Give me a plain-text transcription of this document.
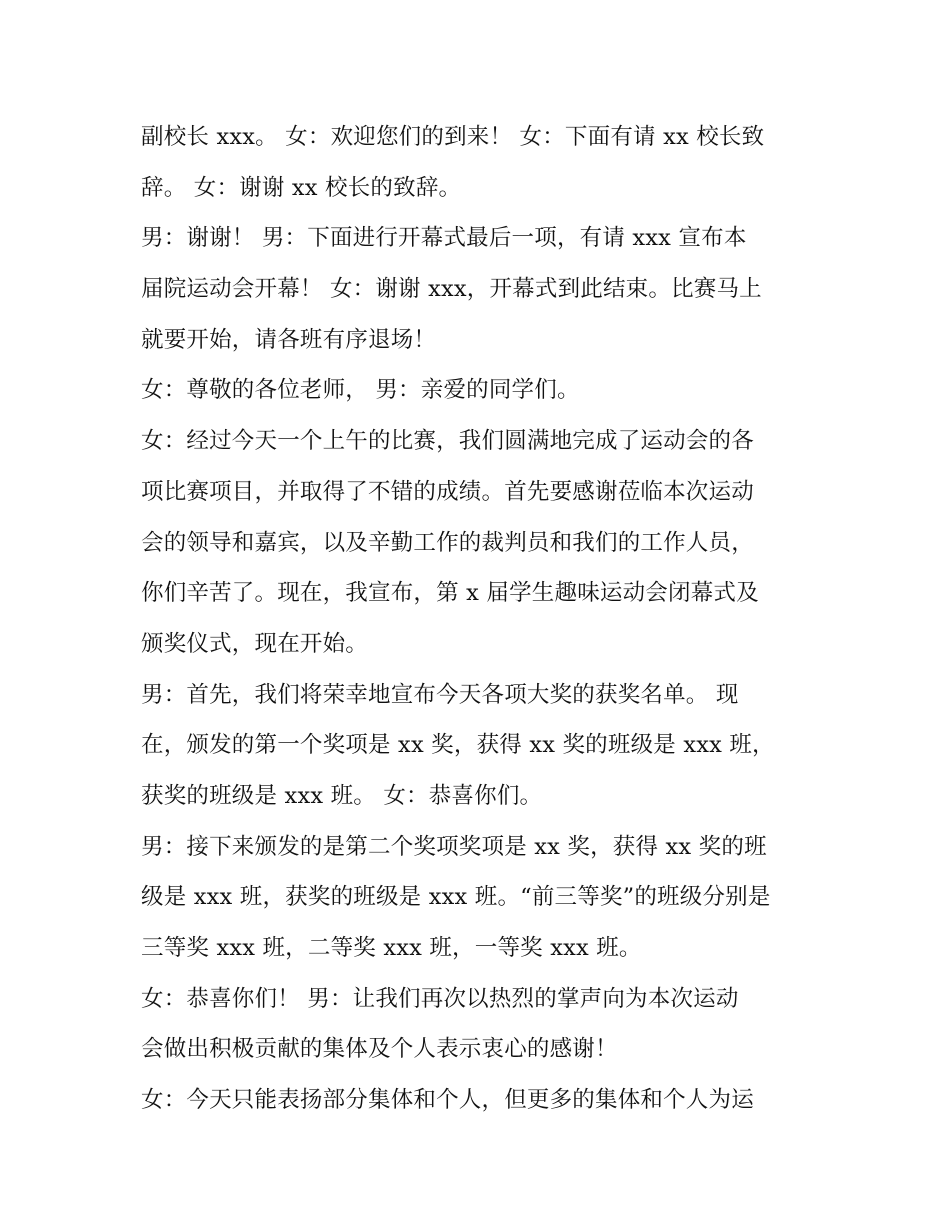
副校长 xxx。 女：欢迎您们的到来！ 女：下面有请 xx 校长致
辞。 女：谢谢 xx 校长的致辞。
男：谢谢！ 男：下面进行开幕式最后一项，有请 xxx 宣布本
届院运动会开幕！ 女：谢谢 xxx，开幕式到此结束。比赛马上
就要开始，请各班有序退场！
女：尊敬的各位老师， 男：亲爱的同学们。
女：经过今天一个上午的比赛，我们圆满地完成了运动会的各
项比赛项目，并取得了不错的成绩。首先要感谢莅临本次运动
会的领导和嘉宾，以及辛勤工作的裁判员和我们的工作人员，
你们辛苦了。现在，我宣布，第 x 届学生趣味运动会闭幕式及
颁奖仪式，现在开始。
男：首先，我们将荣幸地宣布今天各项大奖的获奖名单。 现
在，颁发的第一个奖项是 xx 奖，获得 xx 奖的班级是 xxx 班，
获奖的班级是 xxx 班。 女：恭喜你们。
男：接下来颁发的是第二个奖项奖项是 xx 奖，获得 xx 奖的班
级是 xxx 班，获奖的班级是 xxx 班。“前三等奖”的班级分别是
三等奖 xxx 班，二等奖 xxx 班，一等奖 xxx 班。
女：恭喜你们！ 男：让我们再次以热烈的掌声向为本次运动
会做出积极贡献的集体及个人表示衷心的感谢！
女：今天只能表扬部分集体和个人，但更多的集体和个人为运
